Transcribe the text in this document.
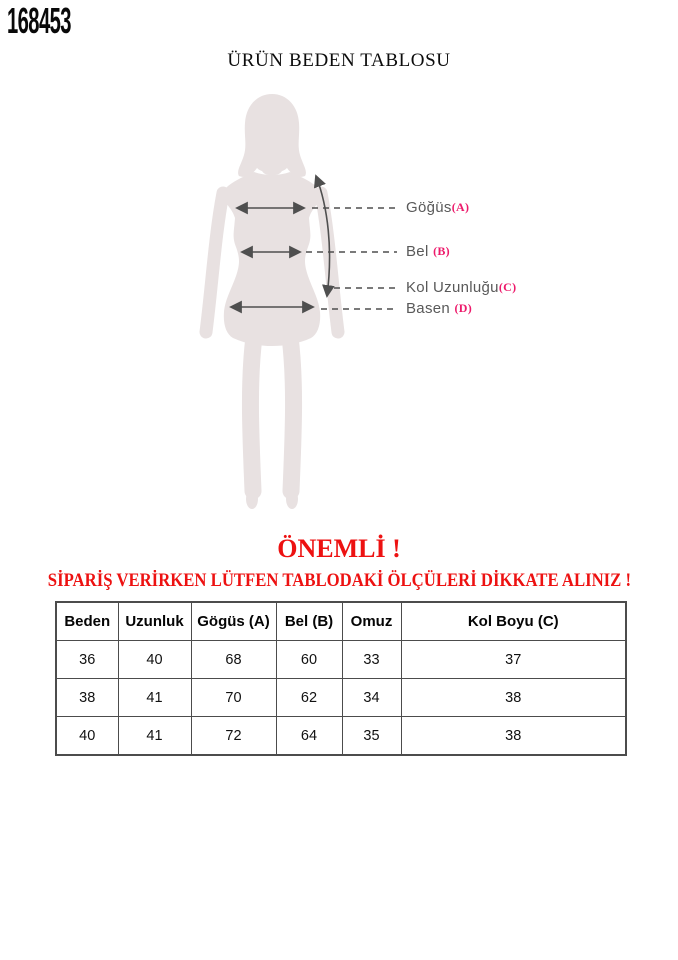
168453
ÜRÜN BEDEN TABLOSU
Göğüs(A)
Bel (B)
Kol Uzunluğu(C)
Basen (D)
ÖNEMLİ !
SİPARİŞ VERİRKEN LÜTFEN TABLODAKİ ÖLÇÜLERİ DİKKATE ALINIZ !
Beden	Uzunluk	Gögüs (A)	Bel (B)	Omuz	Kol Boyu (C)
36	40	68	60	33	37
38	41	70	62	34	38
40	41	72	64	35	38
